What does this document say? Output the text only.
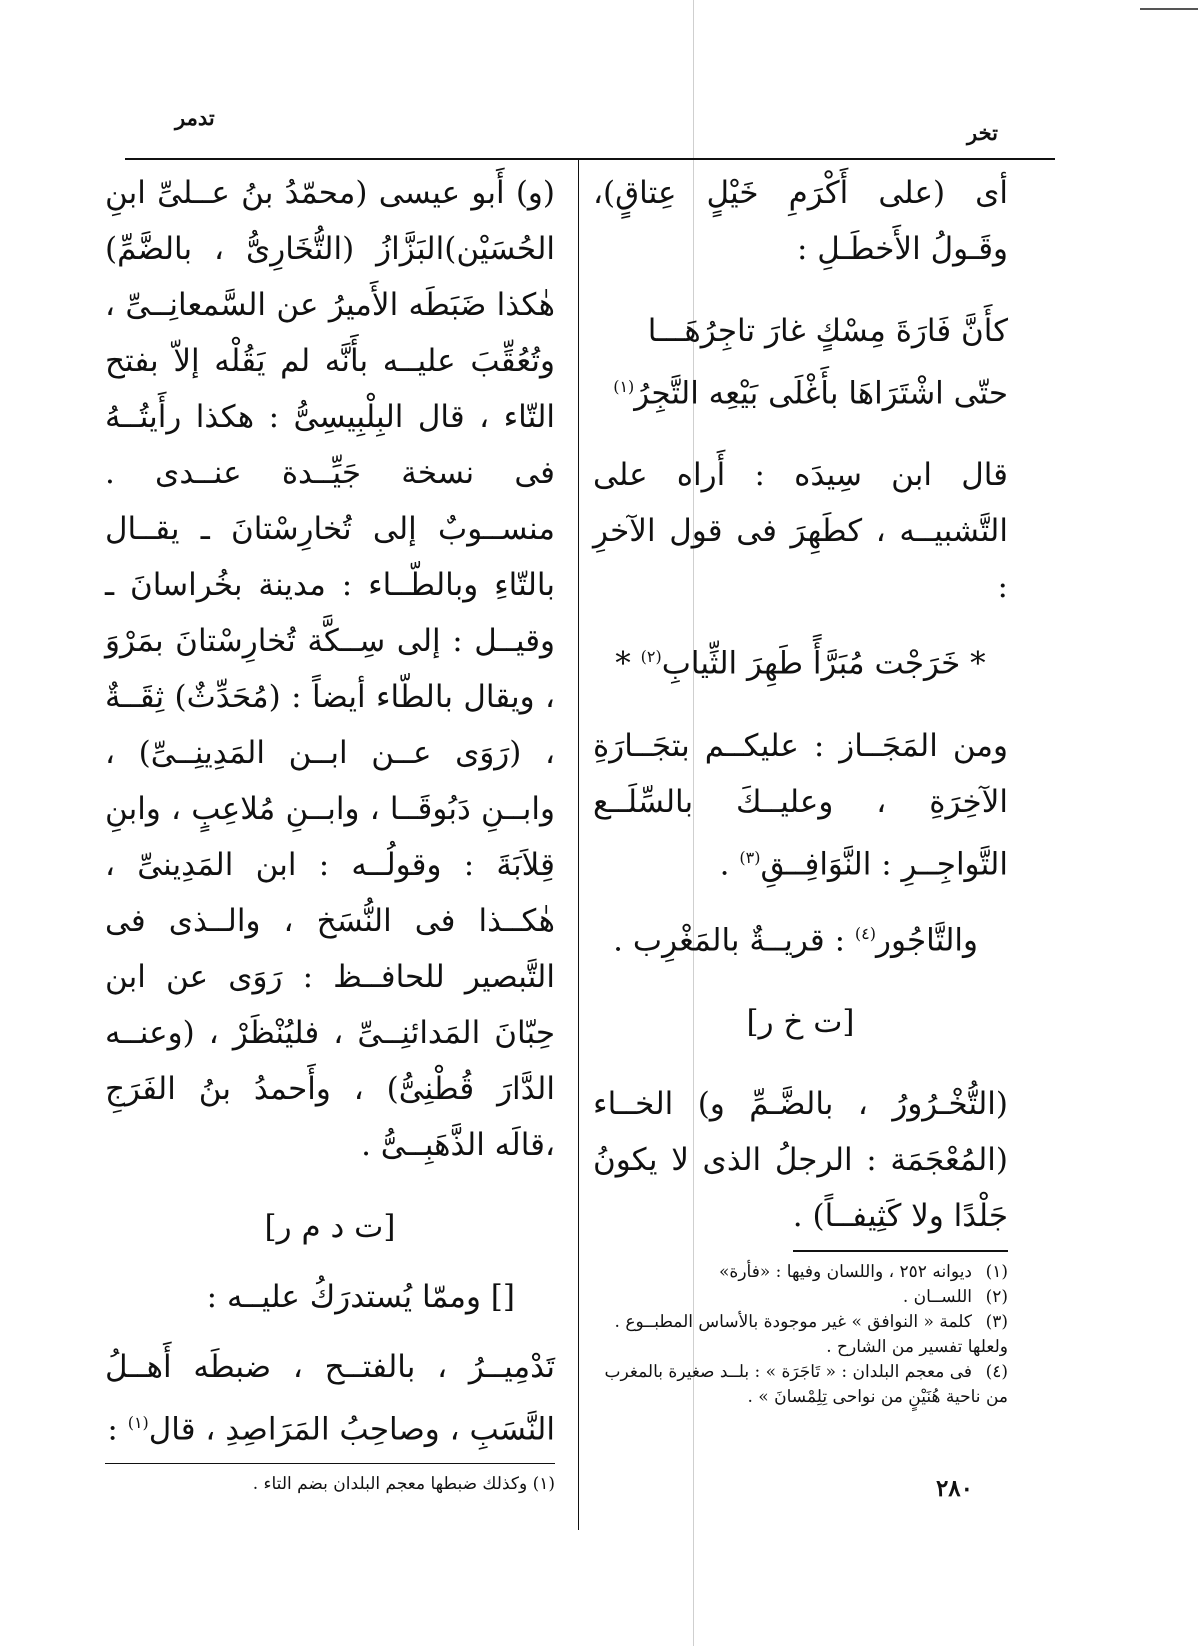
تدمر
تخر

أى (على أَكْرَمِ خَيْلٍ عِتاقٍ)، وقَـولُ الأَخطَـلِ :

كأَنَّ فَارَةَ مِسْكٍ غارَ تاجِرُهَـــا

حتّى اشْتَرَاهَا بأَغْلَى بَيْعِه التَّجِرُ$^{(١)}$

قال ابن سِيدَه : أَراه على التَّشبيــه ، كطَهِرَ فى قول الآخرِ :

* خَرَجْت مُبَرَّأً طَهِرَ الثِّيابِ$^{(٢)}$ *

ومن المَجَــاز : عليكــم بتجَــارَةِ الآخِرَةِ ، وعليــكَ بالسِّلَــع التَّواجِــرِ : النَّوَافِــقِ$^{(٣)}$ .

والتَّاجُور$^{(٤)}$ : قريــةٌ بالمَغْرِب .

[ت خ ر]

(التُّخْـرُورُ ، بالضَّـمِّ و) الخــاء (المُعْجَمَة : الرجلُ الذى لا يكونُ جَلْدًا ولا كَثِيفــاً) .

(١)ديوانه ٢٥٢ ، واللسان وفيها : «فأرة»
(٢)اللســان .
(٣)كلمة « النوافق » غير موجودة بالأساس المطبــوع . ولعلها تفسير من الشارح .
(٤)فى معجم البلدان : « تَاجَرَة » : بلــد صغيرة بالمغرب من ناحية هُنَيْنٍ من نواحى تِلِمْسانَ » .

(و) أَبو عيسى (محمّدُ بنُ عــلىِّ ابنِ الحُسَيْن)البَزَّازُ (التُّخَارِىُّ ، بالضَّمِّ) هٰكذا ضَبَطَه الأَميرُ عن السَّمعانِــىِّ ، وتُعُقِّبَ عليــه بأَنَّه لم يَقُلْه إلاّ بفتح التّاء ، قال البِلْبِيسِىُّ : هكذا رأَيتُــهُ فى نسخة جَيِّــدة عنــدى . منســوبٌ إلى تُخارِسْتانَ ـ يقــال بالتّاءِ وبالطّــاء : مدينة بخُراسانَ ـ وقيــل : إلى سِــكَّة تُخارِسْتانَ بمَرْوَ ، ويقال بالطّاء أيضاً : (مُحَدِّثٌ) ثِقَــةٌ ، (رَوَى عــن ابــن المَدِينِــىِّ) ، وابــنِ دَبُوقَــا ، وابــنِ مُلاعِبٍ ، وابنِ قِلاَبَةَ : وقولُــه : ابن المَدِينىِّ ، هٰكــذا فى النُّسَخ ، والــذى فى التَّبصير للحافــظ : رَوَى عن ابن حِبّانَ المَدائنِــىِّ ، فليُنْظَرْ ، (وعنــه الدَّارَ قُطْنِىُّ) ، وأَحمدُ بنُ الفَرَجِ ،قالَه الذَّهَبِــىُّ .

[ت د م ر]

[] وممّا يُستدرَكُ عليــه :

تَدْمِيــرُ ، بالفتــح ، ضبطَه أَهــلُ النَّسَبِ ، وصاحِبُ المَرَاصِدِ ، قال$^{(١)}$ :

(١) وكذلك ضبطها معجم البلدان بضم التاء .	٢٨٠
